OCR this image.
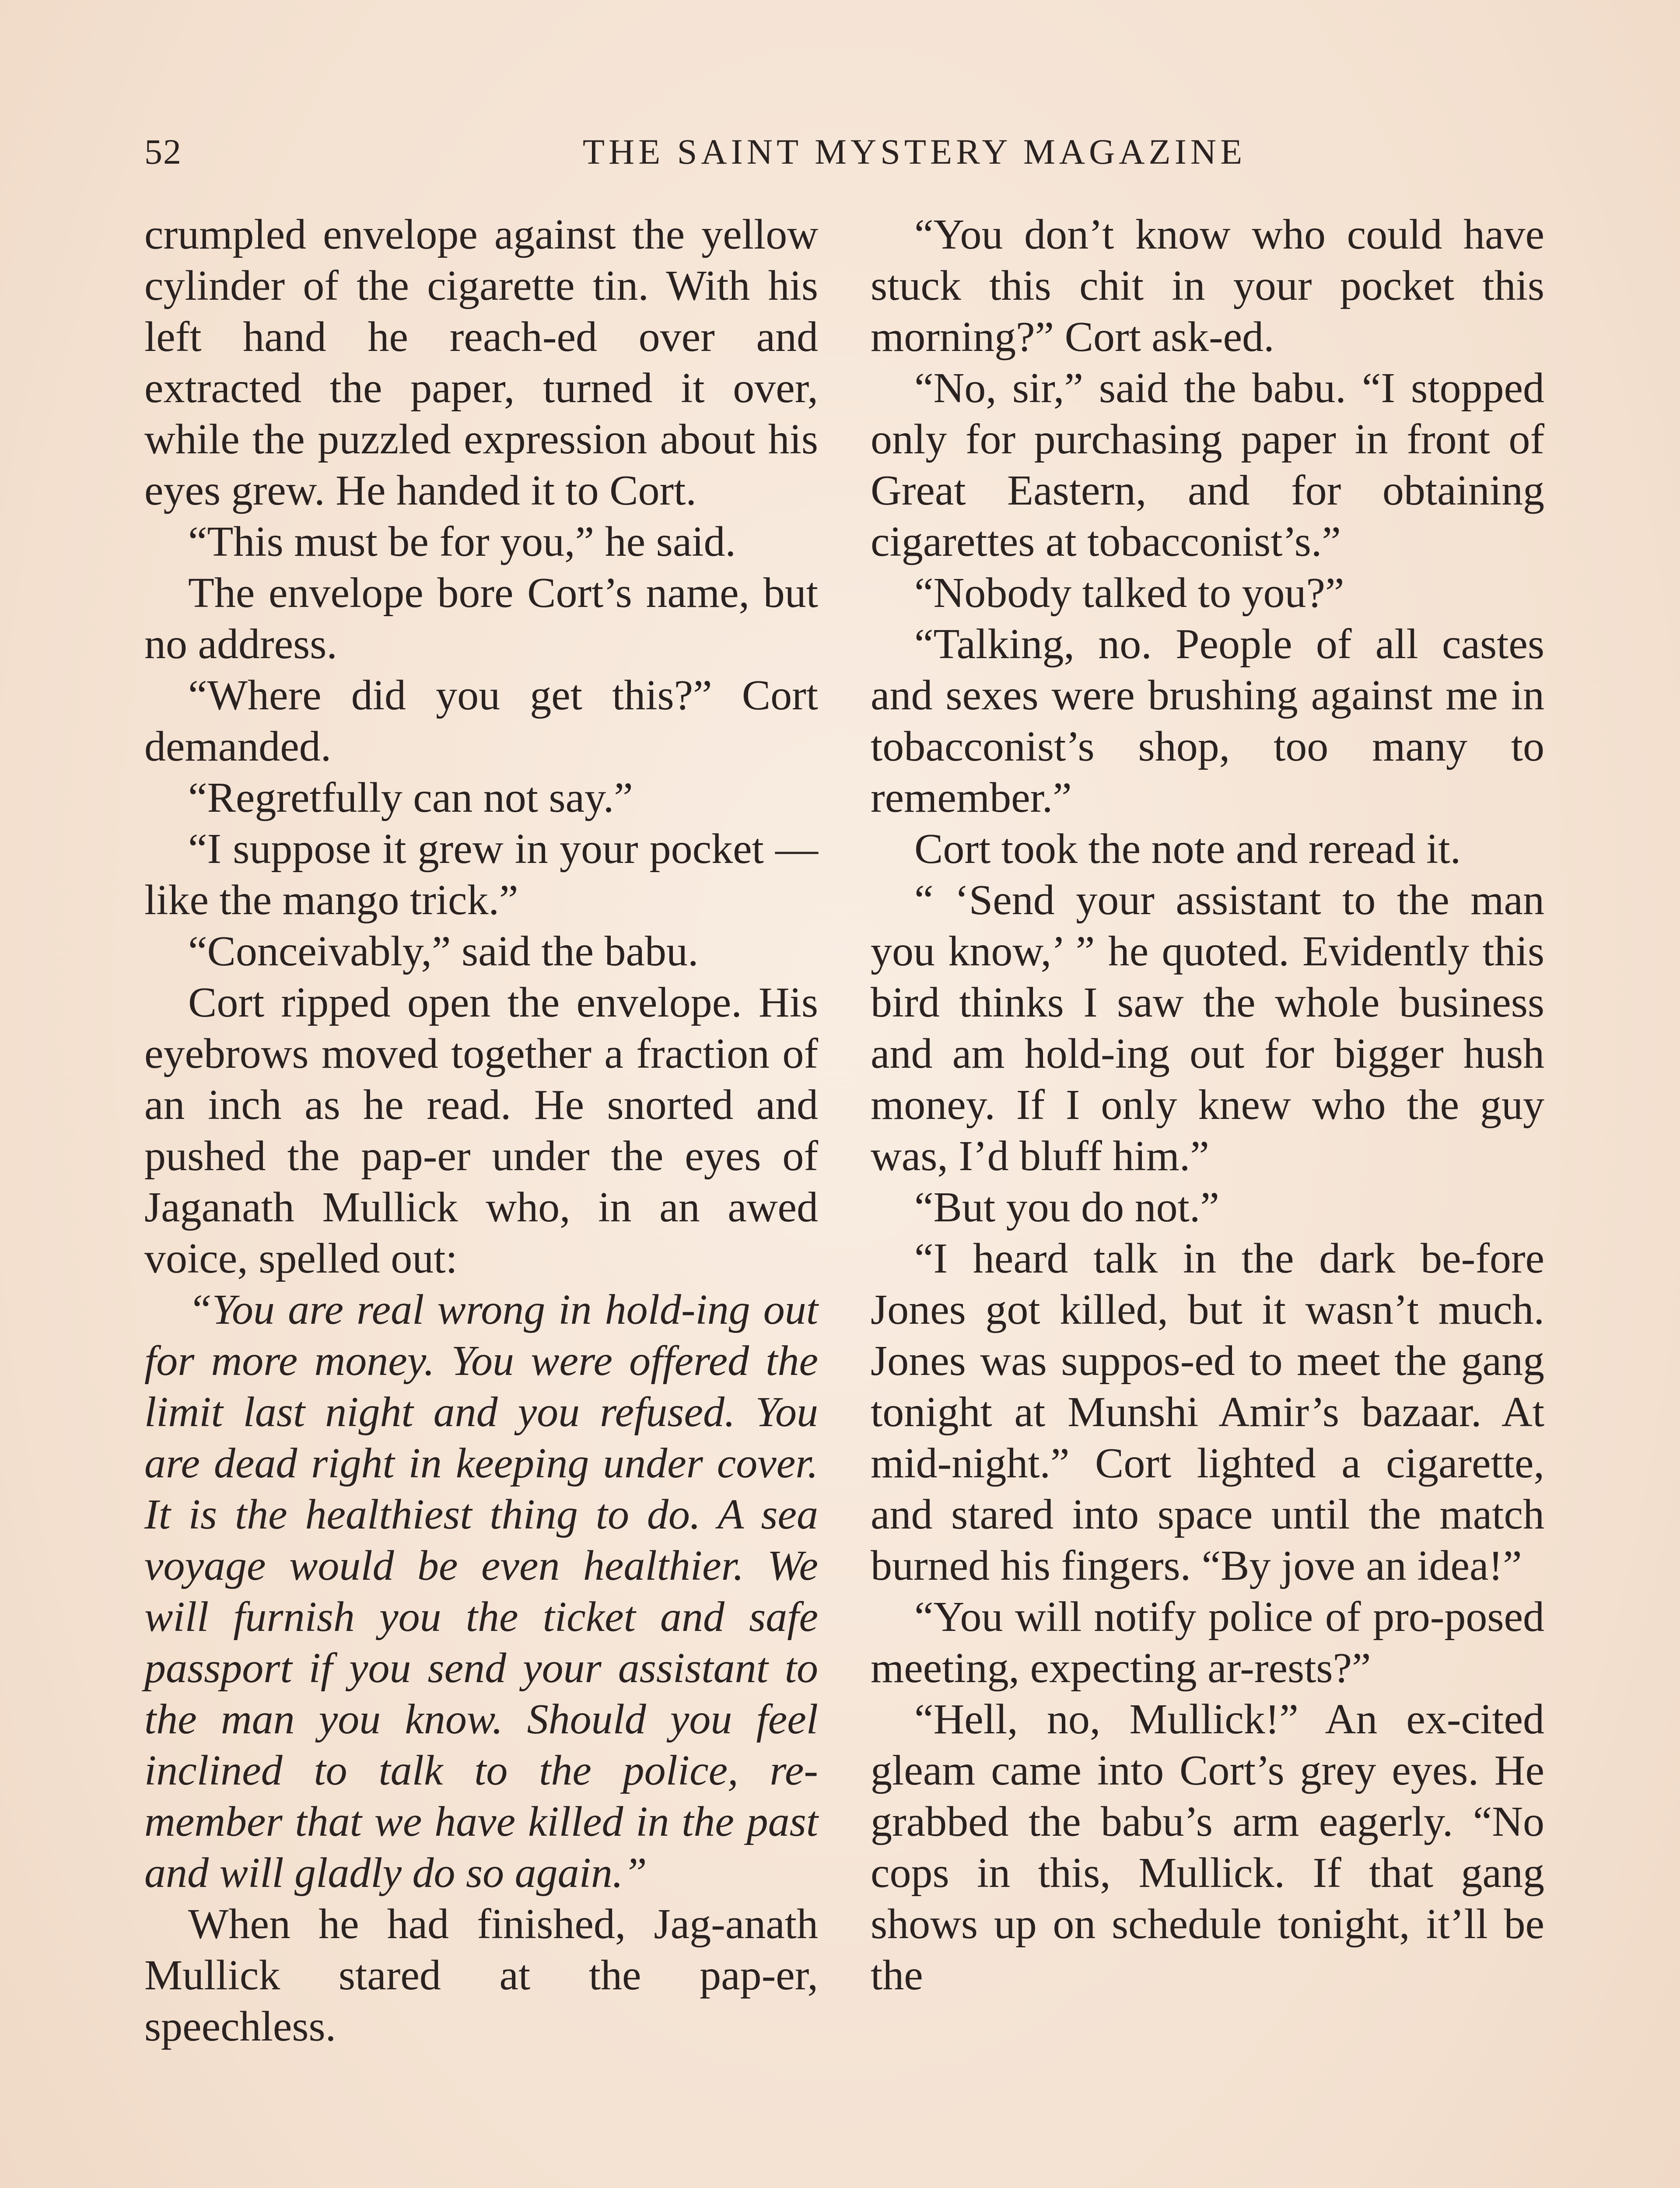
52	THE SAINT MYSTERY MAGAZINE

crumpled envelope against the yellow cylinder of the cigarette tin. With his left hand he reach-ed over and extracted the paper, turned it over, while the puzzled expression about his eyes grew. He handed it to Cort.

“This must be for you,” he said.

The envelope bore Cort’s name, but no address.

“Where did you get this?” Cort demanded.

“Regretfully can not say.”

“I suppose it grew in your pocket — like the mango trick.”

“Conceivably,” said the babu.

Cort ripped open the envelope. His eyebrows moved together a fraction of an inch as he read. He snorted and pushed the pap-er under the eyes of Jaganath Mullick who, in an awed voice, spelled out:

“You are real wrong in hold-ing out for more money. You were offered the limit last night and you refused. You are dead right in keeping under cover. It is the healthiest thing to do. A sea voyage would be even healthier. We will furnish you the ticket and safe passport if you send your assistant to the man you know. Should you feel inclined to talk to the police, re-member that we have killed in the past and will gladly do so again.”

When he had finished, Jag-anath Mullick stared at the pap-er, speechless.

“You don’t know who could have stuck this chit in your pocket this morning?” Cort ask-ed.

“No, sir,” said the babu. “I stopped only for purchasing paper in front of Great Eastern, and for obtaining cigarettes at tobacconist’s.”

“Nobody talked to you?”

“Talking, no. People of all castes and sexes were brushing against me in tobacconist’s shop, too many to remember.”

Cort took the note and reread it.

“ ‘Send your assistant to the man you know,’ ” he quoted. Evidently this bird thinks I saw the whole business and am hold-ing out for bigger hush money. If I only knew who the guy was, I’d bluff him.”

“But you do not.”

“I heard talk in the dark be-fore Jones got killed, but it wasn’t much. Jones was suppos-ed to meet the gang tonight at Munshi Amir’s bazaar. At mid-night.” Cort lighted a cigarette, and stared into space until the match burned his fingers. “By jove an idea!”

“You will notify police of pro-posed meeting, expecting ar-rests?”

“Hell, no, Mullick!” An ex-cited gleam came into Cort’s grey eyes. He grabbed the babu’s arm eagerly. “No cops in this, Mullick. If that gang shows up on schedule tonight, it’ll be the
